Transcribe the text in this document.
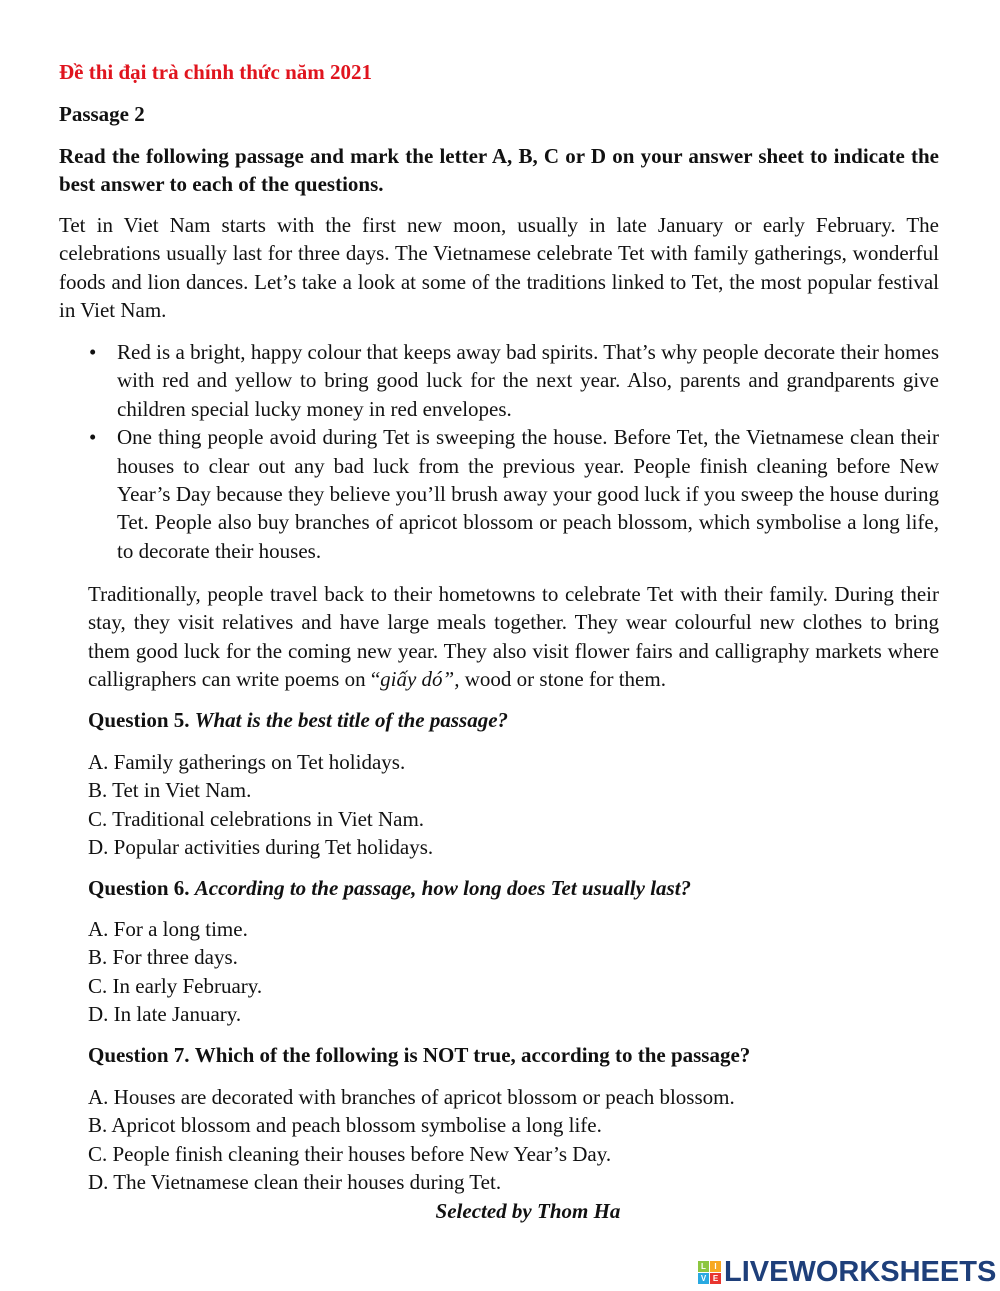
Đề thi đại trà chính thức năm 2021
Passage 2
Read the following passage and mark the letter A, B, C or D on your answer sheet to indicate the best answer to each of the questions.
Tet in Viet Nam starts with the first new moon, usually in late January or early February. The celebrations usually last for three days. The Vietnamese celebrate Tet with family gatherings, wonderful foods and lion dances. Let’s take a look at some of the traditions linked to Tet, the most popular festival in Viet Nam.
• Red is a bright, happy colour that keeps away bad spirits. That’s why people decorate their homes with red and yellow to bring good luck for the next year. Also, parents and grandparents give children special lucky money in red envelopes.
• One thing people avoid during Tet is sweeping the house. Before Tet, the Vietnamese clean their houses to clear out any bad luck from the previous year. People finish cleaning before New Year’s Day because they believe you’ll brush away your good luck if you sweep the house during Tet. People also buy branches of apricot blossom or peach blossom, which symbolise a long life, to decorate their houses.
Traditionally, people travel back to their hometowns to celebrate Tet with their family. During their stay, they visit relatives and have large meals together. They wear colourful new clothes to bring them good luck for the coming new year. They also visit flower fairs and calligraphy markets where calligraphers can write poems on “giấy dó”, wood or stone for them.
Question 5. What is the best title of the passage?
A. Family gatherings on Tet holidays.
B. Tet in Viet Nam.
C. Traditional celebrations in Viet Nam.
D. Popular activities during Tet holidays.
Question 6. According to the passage, how long does Tet usually last?
A. For a long time.
B. For three days.
C. In early February.
D. In late January.
Question 7. Which of the following is NOT true, according to the passage?
A. Houses are decorated with branches of apricot blossom or peach blossom.
B. Apricot blossom and peach blossom symbolise a long life.
C. People finish cleaning their houses before New Year’s Day.
D. The Vietnamese clean their houses during Tet.
Selected by Thom Ha
L	I
V E LIVEWORKSHEETS
